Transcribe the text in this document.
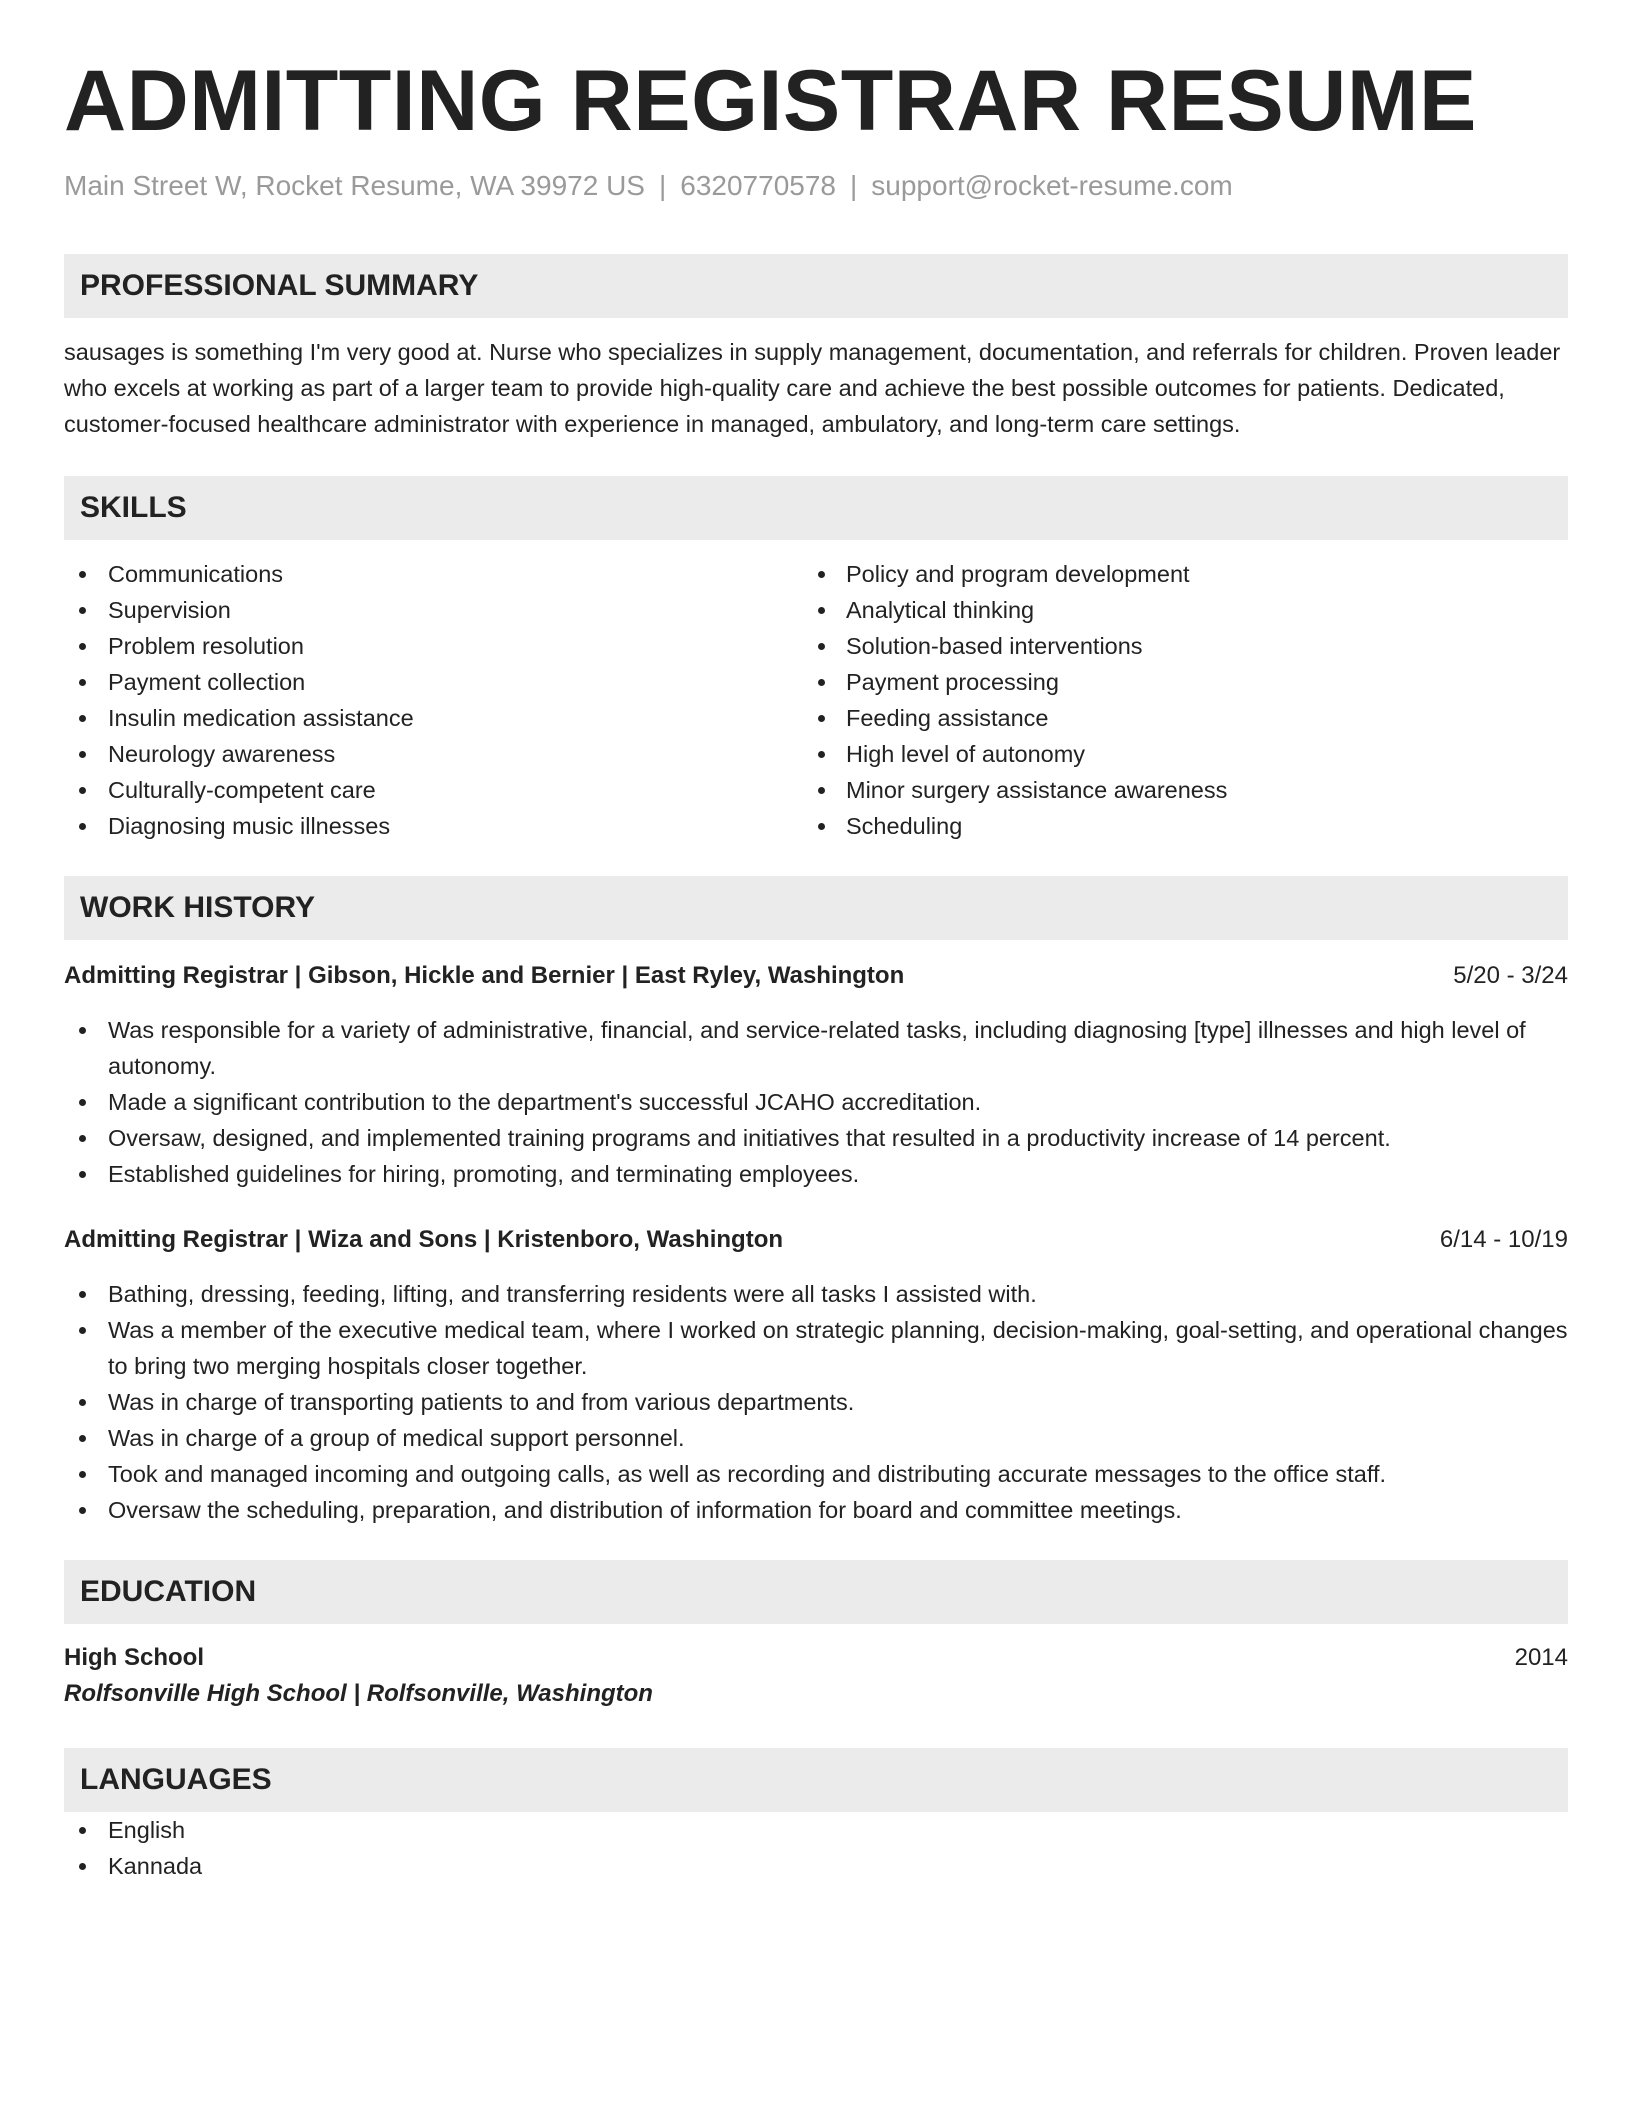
ADMITTING REGISTRAR RESUME
Main Street W, Rocket Resume, WA 39972 US | 6320770578 | support@rocket-resume.com
PROFESSIONAL SUMMARY
sausages is something I'm very good at. Nurse who specializes in supply management, documentation, and referrals for children. Proven leader who excels at working as part of a larger team to provide high-quality care and achieve the best possible outcomes for patients. Dedicated, customer-focused healthcare administrator with experience in managed, ambulatory, and long-term care settings.
SKILLS
Communications
Supervision
Problem resolution
Payment collection
Insulin medication assistance
Neurology awareness
Culturally-competent care
Diagnosing music illnesses
Policy and program development
Analytical thinking
Solution-based interventions
Payment processing
Feeding assistance
High level of autonomy
Minor surgery assistance awareness
Scheduling
WORK HISTORY
Admitting Registrar | Gibson, Hickle and Bernier | East Ryley, Washington	5/20 - 3/24
Was responsible for a variety of administrative, financial, and service-related tasks, including diagnosing [type] illnesses and high level of autonomy.
Made a significant contribution to the department's successful JCAHO accreditation.
Oversaw, designed, and implemented training programs and initiatives that resulted in a productivity increase of 14 percent.
Established guidelines for hiring, promoting, and terminating employees.
Admitting Registrar | Wiza and Sons | Kristenboro, Washington	6/14 - 10/19
Bathing, dressing, feeding, lifting, and transferring residents were all tasks I assisted with.
Was a member of the executive medical team, where I worked on strategic planning, decision-making, goal-setting, and operational changes to bring two merging hospitals closer together.
Was in charge of transporting patients to and from various departments.
Was in charge of a group of medical support personnel.
Took and managed incoming and outgoing calls, as well as recording and distributing accurate messages to the office staff.
Oversaw the scheduling, preparation, and distribution of information for board and committee meetings.
EDUCATION
High School	2014
Rolfsonville High School | Rolfsonville, Washington
LANGUAGES
English
Kannada
